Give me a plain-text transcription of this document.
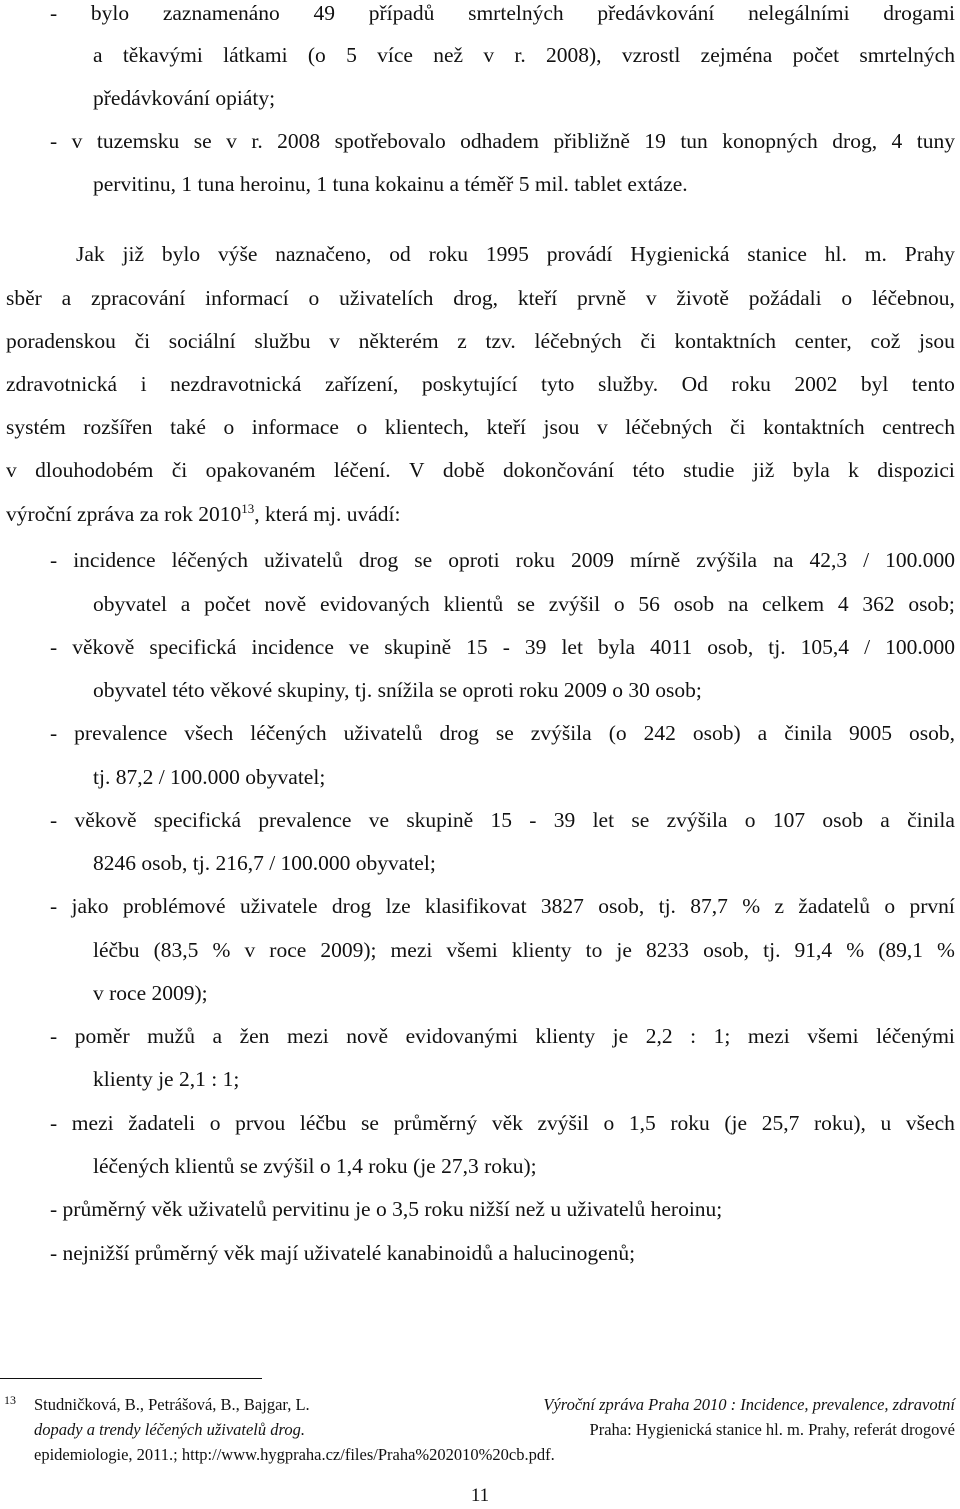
- bylo zaznamenáno 49 případů smrtelných předávkování nelegálními drogami
a těkavými látkami (o 5 více než v r. 2008), vzrostl zejména počet smrtelných
předávkování opiáty;
- v tuzemsku se v r. 2008 spotřebovalo odhadem přibližně 19 tun konopných drog, 4 tuny
pervitinu, 1 tuna heroinu, 1 tuna kokainu a téměř 5 mil. tablet extáze.
Jak již bylo výše naznačeno, od roku 1995 provádí Hygienická stanice hl. m. Prahy
sběr a zpracování informací o uživatelích drog, kteří prvně v životě požádali o léčebnou,
poradenskou či sociální službu v některém z tzv. léčebných či kontaktních center, což jsou
zdravotnická i nezdravotnická zařízení, poskytující tyto služby. Od roku 2002 byl tento
systém rozšířen také o informace o klientech, kteří jsou v léčebných či kontaktních centrech
v dlouhodobém či opakovaném léčení. V době dokončování této studie již byla k dispozici
výroční zpráva za rok 2010$^{13}$, která mj. uvádí:
- incidence léčených uživatelů drog se oproti roku 2009 mírně zvýšila na 42,3 / 100.000
obyvatel a počet nově evidovaných klientů se zvýšil o 56 osob na celkem 4 362 osob;
- věkově specifická incidence ve skupině 15 - 39 let byla 4011 osob, tj. 105,4 / 100.000
obyvatel této věkové skupiny, tj. snížila se oproti roku 2009 o 30 osob;
- prevalence všech léčených uživatelů drog se zvýšila (o 242 osob) a činila 9005 osob,
tj. 87,2 / 100.000 obyvatel;
- věkově specifická prevalence ve skupině 15 - 39 let se zvýšila o 107 osob a činila
8246 osob, tj. 216,7 / 100.000 obyvatel;
- jako problémové uživatele drog lze klasifikovat 3827 osob, tj. 87,7 % z žadatelů o první
léčbu (83,5 % v roce 2009); mezi všemi klienty to je 8233 osob, tj. 91,4 % (89,1 %
v roce 2009);
- poměr mužů a žen mezi nově evidovanými klienty je 2,2 : 1; mezi všemi léčenými
klienty je 2,1 : 1;
- mezi žadateli o prvou léčbu se průměrný věk zvýšil o 1,5 roku (je 25,7 roku), u všech
léčených klientů se zvýšil o 1,4 roku (je 27,3 roku);
- průměrný věk uživatelů pervitinu je o 3,5 roku nižší než u uživatelů heroinu;
- nejnižší průměrný věk mají uživatelé kanabinoidů a halucinogenů;
13 Studničková, B., Petrášová, B., Bajgar, L.	Výroční zpráva Praha 2010 : Incidence, prevalence, zdravotní
dopady a trendy léčených uživatelů drog.	Praha: Hygienická stanice hl. m. Prahy, referát drogové
epidemiologie, 2011.; http://www.hygpraha.cz/files/Praha%202010%20cb.pdf.
11
